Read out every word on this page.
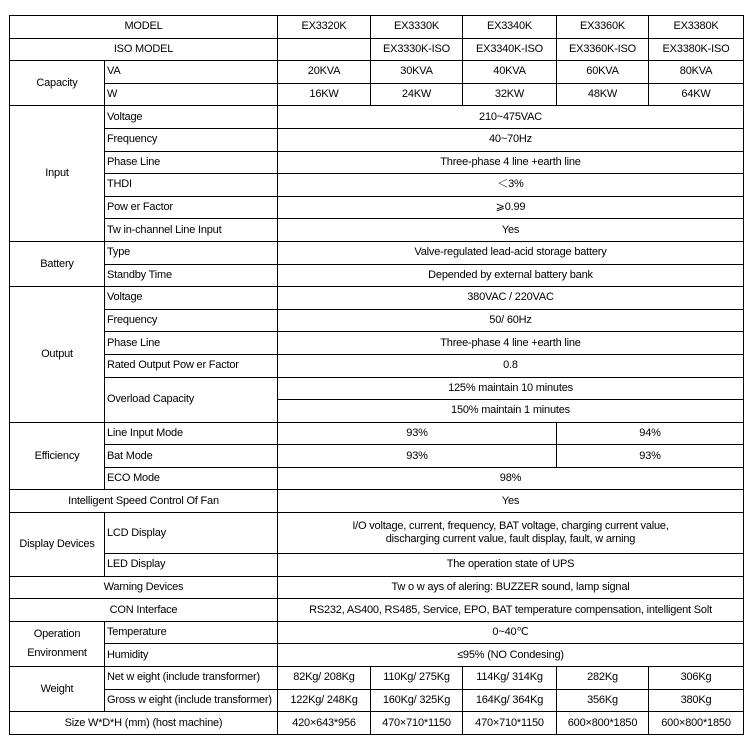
MODEL		EX3320K	EX3330K	EX3340K	EX3360K	EX3380K
ISO MODEL			EX3330K-ISO	EX3340K-ISO	EX3360K-ISO	EX3380K-ISO
Capacity	VA	20KVA	30KVA	40KVA	60KVA	80KVA
	W	16KW	24KW	32KW	48KW	64KW
Input	Voltage	210~475VAC				
	Frequency	40~70Hz				
	Phase Line	Three-phase 4 line +earth line				
	THDI	＜3%				
	Pow er Factor	⩾0.99				
	Tw in-channel Line Input	Yes				
Battery	Type	Valve-regulated lead-acid storage battery				
	Standby Time	Depended by external battery bank				
Output	Voltage	380VAC / 220VAC				
	Frequency	50/ 60Hz				
	Phase Line	Three-phase 4 line +earth line				
	Rated Output Pow er Factor	0.8				
	Overload Capacity	125% maintain 10 minutes				
		150% maintain 1 minutes				
Efficiency	Line Input Mode	93%			94%	
	Bat Mode	93%			93%	
	ECO Mode	98%				
Intelligent Speed Control Of Fan		Yes				
Display Devices	LCD Display	I/O voltage, current, frequency, BAT voltage, charging current value,
discharging current value, fault display, fault, w arning				

	LED Display	The operation state of UPS				
Warning Devices		Tw o w ays of alering: BUZZER sound, lamp signal				
CON Interface		RS232, AS400, RS485, Service, EPO, BAT temperature compensation, intelligent Solt				

Operation
Environment	Temperature	0~40℃				
	Humidity	≤95% (NO Condesing)				
Weight	Net w eight (include transformer)	82Kg/ 208Kg	110Kg/ 275Kg	114Kg/ 314Kg	282Kg	306Kg
	Gross w eight (include transformer)	122Kg/ 248Kg	160Kg/ 325Kg	164Kg/ 364Kg	356Kg	380Kg
Size W*D*H (mm) (host machine)		420×643*956	470×710*1150	470×710*1150	600×800*1850	600×800*1850
